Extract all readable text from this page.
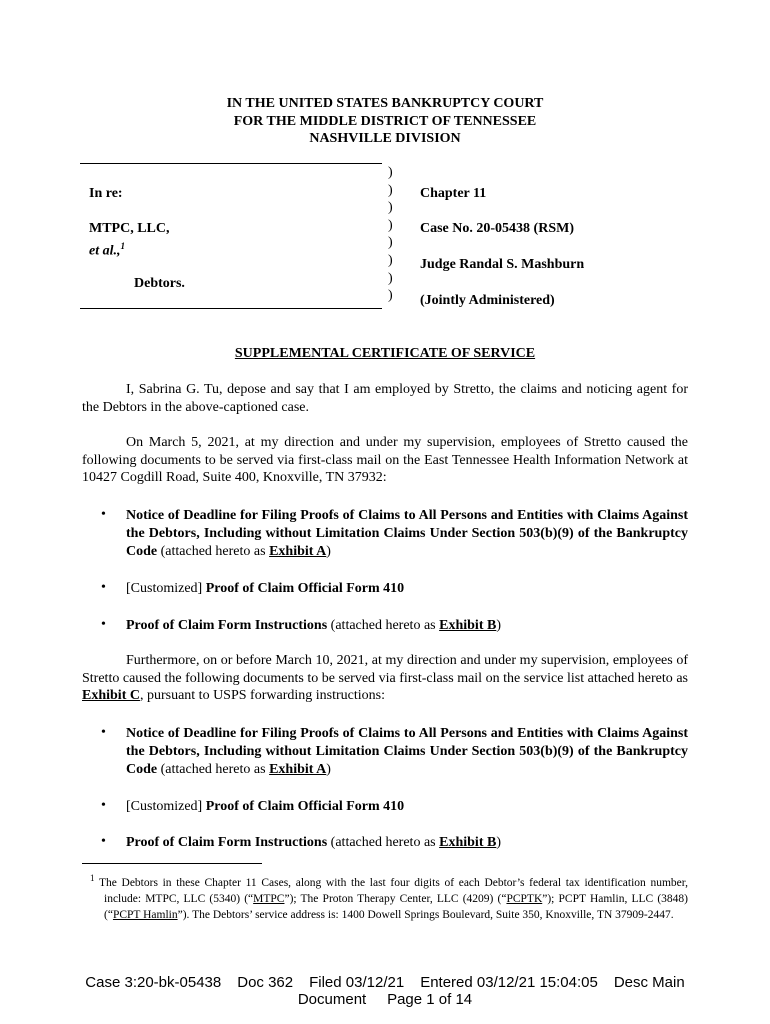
IN THE UNITED STATES BANKRUPTCY COURT
FOR THE MIDDLE DISTRICT OF TENNESSEE
NASHVILLE DIVISION
In re:
MTPC, LLC,
et al.,$^1$
Debtors.
)
)
)
)
)
)
)
)
Chapter 11
Case No. 20-05438 (RSM)
Judge Randal S. Mashburn
(Jointly Administered)
SUPPLEMENTAL CERTIFICATE OF SERVICE
I, Sabrina G. Tu, depose and say that I am employed by Stretto, the claims and noticing agent for the Debtors in the above-captioned case.
On March 5, 2021, at my direction and under my supervision, employees of Stretto caused the following documents to be served via first-class mail on the East Tennessee Health Information Network at 10427 Cogdill Road, Suite 400, Knoxville, TN 37932:
• Notice of Deadline for Filing Proofs of Claims to All Persons and Entities with Claims Against the Debtors, Including without Limitation Claims Under Section 503(b)(9) of the Bankruptcy Code (attached hereto as Exhibit A)
• [Customized] Proof of Claim Official Form 410
• Proof of Claim Form Instructions (attached hereto as Exhibit B)
Furthermore, on or before March 10, 2021, at my direction and under my supervision, employees of Stretto caused the following documents to be served via first-class mail on the service list attached hereto as Exhibit C, pursuant to USPS forwarding instructions:
• Notice of Deadline for Filing Proofs of Claims to All Persons and Entities with Claims Against the Debtors, Including without Limitation Claims Under Section 503(b)(9) of the Bankruptcy Code (attached hereto as Exhibit A)
• [Customized] Proof of Claim Official Form 410
• Proof of Claim Form Instructions (attached hereto as Exhibit B)
$^1$ The Debtors in these Chapter 11 Cases, along with the last four digits of each Debtor’s federal tax identification number, include: MTPC, LLC (5340) (“MTPC”); The Proton Therapy Center, LLC (4209) (“PCPTK”); PCPT Hamlin, LLC (3848) (“PCPT Hamlin”). The Debtors’ service address is: 1400 Dowell Springs Boulevard, Suite 350, Knoxville, TN 37909-2447.
Case 3:20-bk-05438 Doc 362 Filed 03/12/21 Entered 03/12/21 15:04:05 Desc Main
Document Page 1 of 14
